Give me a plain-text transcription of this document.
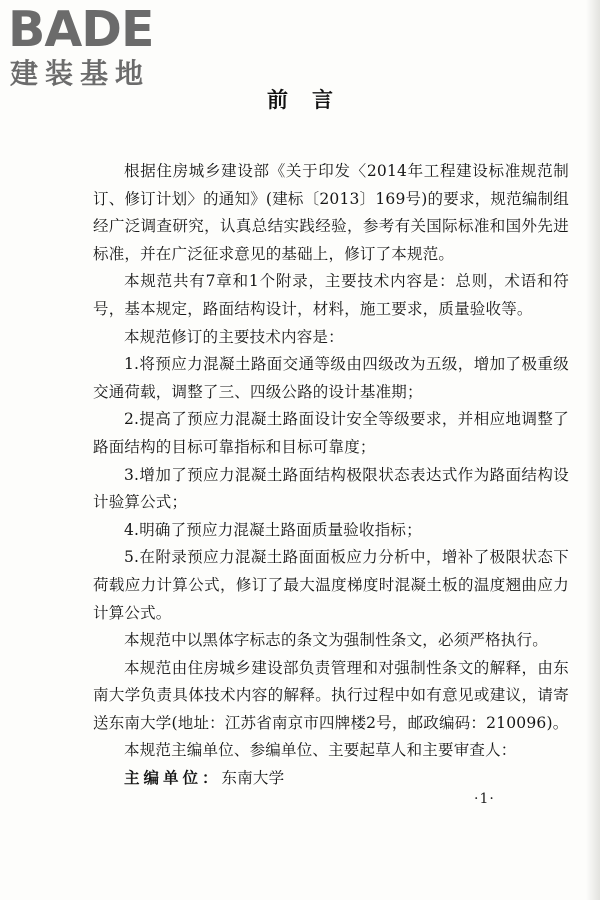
BADE
建装基地
前言

根据住房城乡建设部《关于印发〈2014年工程建设标准规范制订、修订计划〉的通知》(建标〔2013〕169号)的要求，规范编制组经广泛调查研究，认真总结实践经验，参考有关国际标准和国外先进标准，并在广泛征求意见的基础上，修订了本规范。

本规范共有7章和1个附录，主要技术内容是：总则，术语和符号，基本规定，路面结构设计，材料，施工要求，质量验收等。

本规范修订的主要技术内容是：

1.将预应力混凝土路面交通等级由四级改为五级，增加了极重级交通荷载，调整了三、四级公路的设计基准期；

2.提高了预应力混凝土路面设计安全等级要求，并相应地调整了路面结构的目标可靠指标和目标可靠度；

3.增加了预应力混凝土路面结构极限状态表达式作为路面结构设计验算公式；

4.明确了预应力混凝土路面质量验收指标；

5.在附录预应力混凝土路面面板应力分析中，增补了极限状态下荷载应力计算公式，修订了最大温度梯度时混凝土板的温度翘曲应力计算公式。

本规范中以黑体字标志的条文为强制性条文，必须严格执行。

本规范由住房城乡建设部负责管理和对强制性条文的解释，由东南大学负责具体技术内容的解释。执行过程中如有意见或建议，请寄送东南大学(地址：江苏省南京市四牌楼2号，邮政编码：210096)。

本规范主编单位、参编单位、主要起草人和主要审查人：

主编单位：东南大学

·1·
